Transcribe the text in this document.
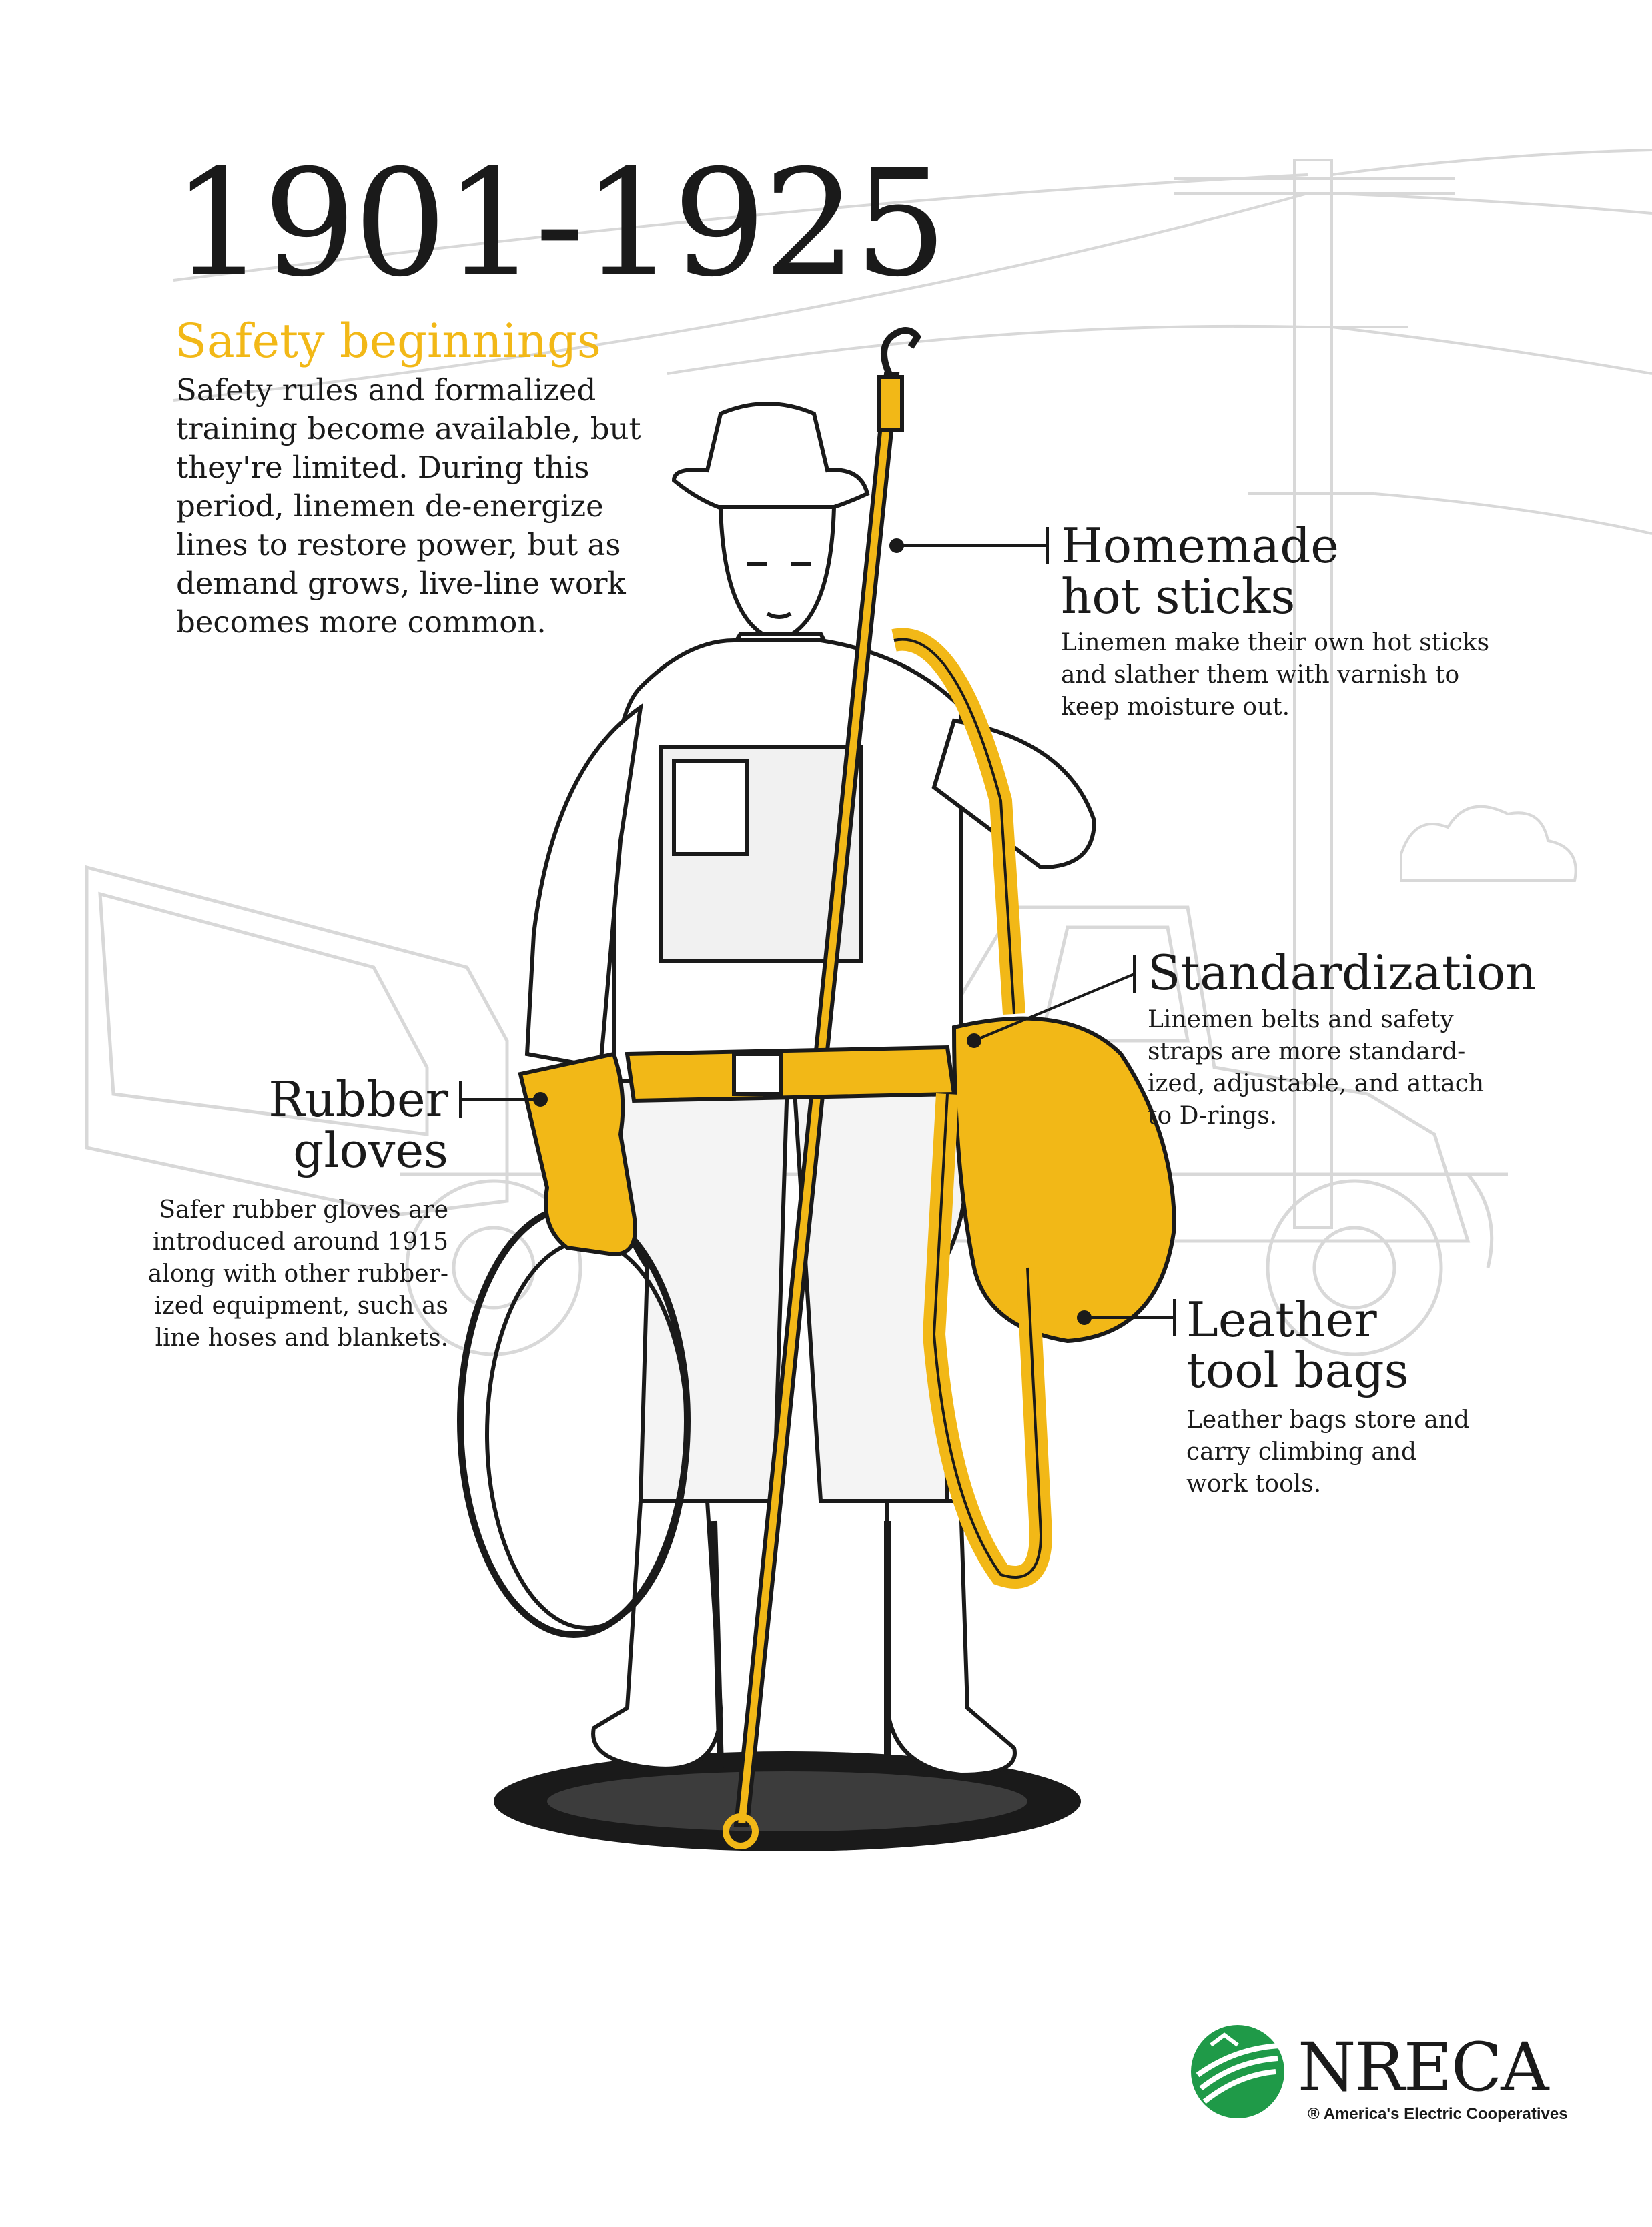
1901-1925
Safety beginnings
Safety rules and formalized
training become available, but
they're limited. During this
period, linemen de-energize
lines to restore power, but as
demand grows, live-line work
becomes more common.
Homemade
hot sticks
Linemen make their own hot sticks
and slather them with varnish to
keep moisture out.
Standardization
Linemen belts and safety
straps are more standard-
ized, adjustable, and attach
to D-rings.
Rubber
gloves
Safer rubber gloves are
introduced around 1915
along with other rubber-
ized equipment, such as
line hoses and blankets.	Leather
tool bags
Leather bags store and
carry climbing and
work tools.
NRECA
® America's Electric Cooperatives
